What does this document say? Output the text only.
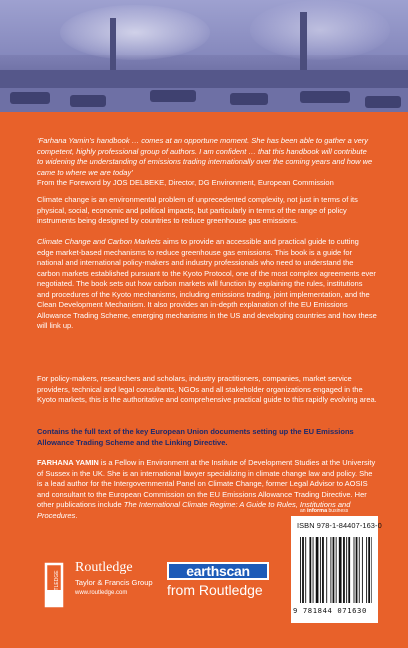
‘Farhana Yamin’s handbook … comes at an opportune moment. She has been able to gather a very competent, highly professional group of authors. I am confident … that this handbook will contribute to widening the understanding of emissions trading internationally over the coming years and how we came to where we are today’
From the Foreword by JOS DELBEKE, Director, DG Environment, European Commission
Climate change is an environmental problem of unprecedented complexity, not just in terms of its physical, social, economic and political impacts, but particularly in terms of the range of policy instruments being designed by countries to reduce greenhouse gas emissions.
Climate Change and Carbon Markets aims to provide an accessible and practical guide to cutting edge market-based mechanisms to reduce greenhouse gas emissions. This book is a guide for national and international policy-makers and industry professionals who need to understand the carbon markets established pursuant to the Kyoto Protocol, one of the most complex agreements ever negotiated. The book sets out how carbon markets will function by explaining the rules, institutions and procedures of the Kyoto mechanisms, including emissions trading, joint implementation, and the Clean Development Mechanism. It also provides an in-depth explanation of the EU Emissions Allowance Trading Scheme, emerging mechanisms in the US and developing countries and how these will link up.
For policy-makers, researchers and scholars, industry practitioners, companies, market service providers, technical and legal consultants, NGOs and all stakeholder organizations engaged in the Kyoto markets, this is the authoritative and comprehensive practical guide to this rapidly evolving area.
Contains the full text of the key European Union documents setting up the EU Emissions Allowance Trading Scheme and the Linking Directive.
FARHANA YAMIN is a Fellow in Environment at the Institute of Development Studies at the University of Sussex in the UK. She is an international lawyer specializing in climate change law and policy. She is a lead author for the Intergovernmental Panel on Climate Change, former Legal Advisor to AOSIS and consultant to the European Commission on the EU Emissions Allowance Trading Directive. Her other publications include The International Climate Regime: A Guide to Rules, Institutions and Procedures.	an informa business
ISBN 978-1-84407-163-0
9 781844 071630
ROUTLEDGE
Routledge
Taylor & Francis Group
www.routledge.com
earthscan
from Routledge
